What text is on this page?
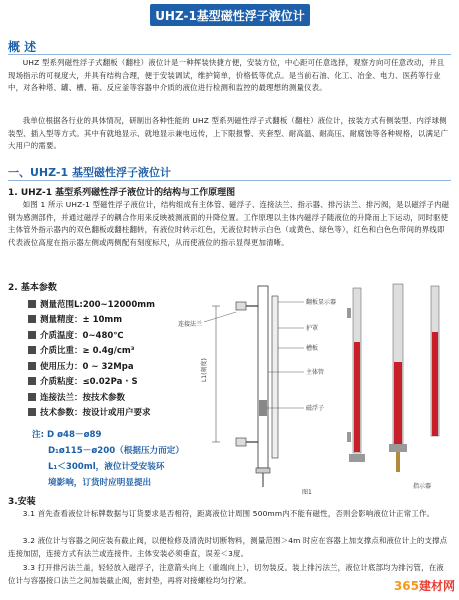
UHZ-1基型磁性浮子液位计
概 述
UHZ 型系列磁性浮子式翻板（翻柱）液位计是一种挥装快捷方便，安装方位，中心距可任意选择，观察方向可任意改动，并且现场指示的可视度大，并具有结构合理，便于安装调试，维护简单，价格低等优点。是当前石油、化工、冶金、电力、医药等行业中，对各种塔、罐、槽、箱、反应釜等容器中介质的液位进行检测和监控的最理想的测量仪表。
我单位根据各行业的具体情况，研制出各种性能的 UHZ 型系列磁性浮子式翻板（翻柱）液位计，按装方式有侧装型、内浮球侧装型、插入型等方式。其中有就地显示、就地显示兼电远传，上下限报警、夹套型、耐高温、耐高压、耐腐蚀等各种规格，以满足广大用户的需要。
一、UHZ-1 基型磁性浮子液位计
1. UHZ-1 基型系列磁性浮子液位计的结构与工作原理图
如图 1 所示 UHZ-1 型磁性浮子液位计，结构组成有主体管、磁浮子、连接法兰、指示器、排污法兰、排污阀，是以磁浮子内磁钢为感测部件，并通过磁浮子的耦合作用来反映被测液面的升降位置。工作原理以主体内磁浮子随液位的升降而上下运动，同时驱使主体管外指示器内的双色翻板或翻柱翻转，有液位时转示红色，无液位时转示白色（或黄色、绿色等），红色和白色色带间的界线即代表液位高度在指示器左侧或两侧配有刻度标尺，从而使液位的指示显得更加清晰。
2. 基本参数
测量范围L:200~12000mm
测量精度：± 10mm
介质温度：0~480℃
介质比重：≥ 0.4g/cm³
使用压力：0 ~ 32Mpa
介质粘度：≤0.02Pa · S
连接法兰：按技术参数
技术参数：按设计或用户要求
注: D ø48－ø89
D₁ø115－ø200（根据压力而定）
L₁＜300ml，液位计受安装环
境影响，订货时应明显提出
翻板显示器
护罩
槽板
主体管
磁浮子
连接法兰
L1(刻度)
图1
指示器
3.安装
3.1 首先查看液位计标牌数据与订货要求是否相符，距离液位计周围 500mm内不能有磁性，否则会影响液位计正常工作。
3.2 液位计与容器之间应装有截止阀，以便检修及清洗时切断物料，测量范围＞4m 时应在容器上加支撑点和液位计上的支撑点连接加固，连接方式有法兰或连接件。主体安装必须垂直，误差＜3度。
3.3 打开排污法兰盖，轻轻放入磁浮子，注意箭头向上（重端向上），切勿装反。装上排污法兰，液位计底部均为排污管，在液位计与容器接口法兰之间加装截止阀，密封垫，再将对接螺栓均匀拧紧。	365建材网
